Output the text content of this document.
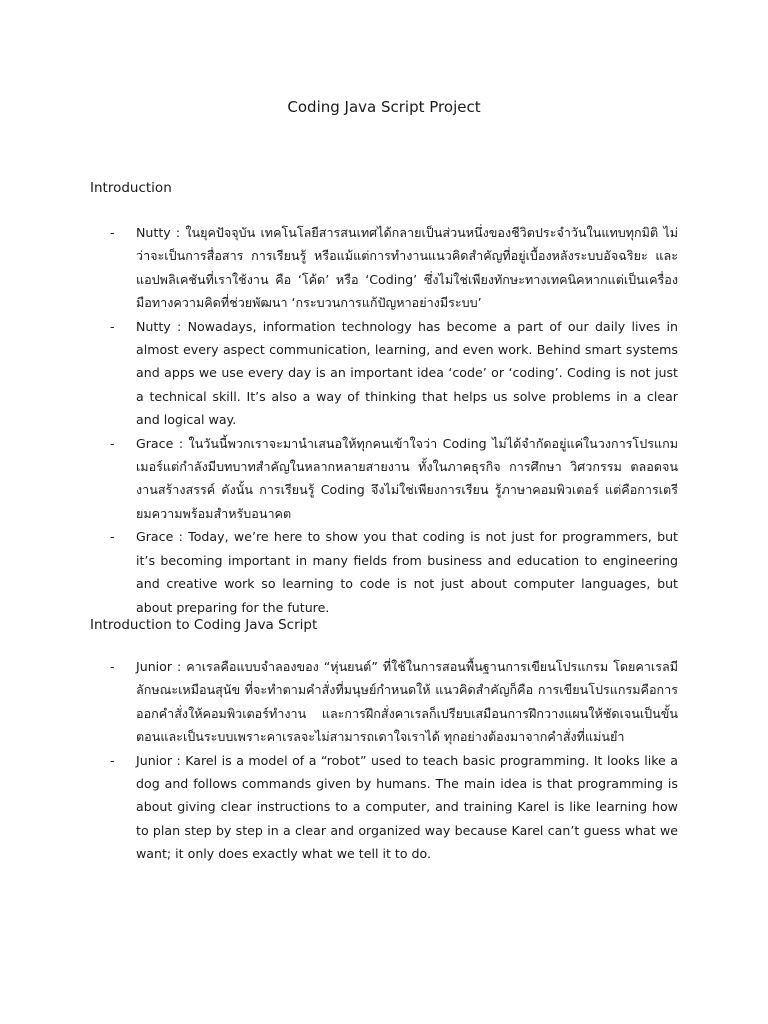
Coding Java Script Project
Introduction
-	Nutty : ในยุคปัจจุบัน เทคโนโลยีสารสนเทศได้กลายเป็นส่วนหนึ่งของชีวิตประจำวันในแทบทุกมิติ ไม่ว่าจะเป็นการสื่อสาร การเรียนรู้ หรือแม้แต่การทำงานแนวคิดสำคัญที่อยู่เบื้องหลังระบบอัจฉริยะ และแอปพลิเคชันที่เราใช้งาน คือ ‘โค้ด’ หรือ ‘Coding’ ซึ่งไม่ใช่เพียงทักษะทางเทคนิคหากแต่เป็นเครื่องมือทางความคิดที่ช่วยพัฒนา ‘กระบวนการแก้ปัญหาอย่างมีระบบ’
-	Nutty : Nowadays, information technology has become a part of our daily lives in almost every aspect communication, learning, and even work. Behind smart systems and apps we use every day is an important idea ‘code’ or ‘coding’. Coding is not just a technical skill. It’s also a way of thinking that helps us solve problems in a clear and logical way.
-	Grace : ในวันนี้พวกเราจะมานำเสนอให้ทุกคนเข้าใจว่า Coding ไม่ได้จำกัดอยู่แค่ในวงการโปรแกมเมอร์แต่กำลังมีบทบาทสำคัญในหลากหลายสายงาน ทั้งในภาคธุรกิจ การศึกษา วิศวกรรม ตลอดจนงานสร้างสรรค์ ดังนั้น การเรียนรู้ Coding จึงไม่ใช่เพียงการเรียน รู้ภาษาคอมพิวเตอร์ แต่คือการเตรียมความพร้อมสำหรับอนาคต
-	Grace : Today, we’re here to show you that coding is not just for programmers, but it’s becoming important in many fields from business and education to engineering and creative work so learning to code is not just about computer languages, but about preparing for the future.
Introduction to Coding Java Script
-	Junior : คาเรลคือแบบจำลองของ “หุ่นยนต์” ที่ใช้ในการสอนพื้นฐานการเขียนโปรแกรม โดยคาเรลมีลักษณะเหมือนสุนัข ที่จะทำตามคำสั่งที่มนุษย์กำหนดให้ แนวคิดสำคัญก็คือ การเขียนโปรแกรมคือการออกคำสั่งให้คอมพิวเตอร์ทำงาน และการฝึกสั่งคาเรลก็เปรียบเสมือนการฝึกวางแผนให้ชัดเจนเป็นขั้นตอนและเป็นระบบเพราะคาเรลจะไม่สามารถเดาใจเราได้ ทุกอย่างต้องมาจากคำสั่งที่แม่นยำ
-	Junior : Karel is a model of a “robot” used to teach basic programming. It looks like a dog and follows commands given by humans. The main idea is that programming is about giving clear instructions to a computer, and training Karel is like learning how to plan step by step in a clear and organized way because Karel can’t guess what we want; it only does exactly what we tell it to do.
